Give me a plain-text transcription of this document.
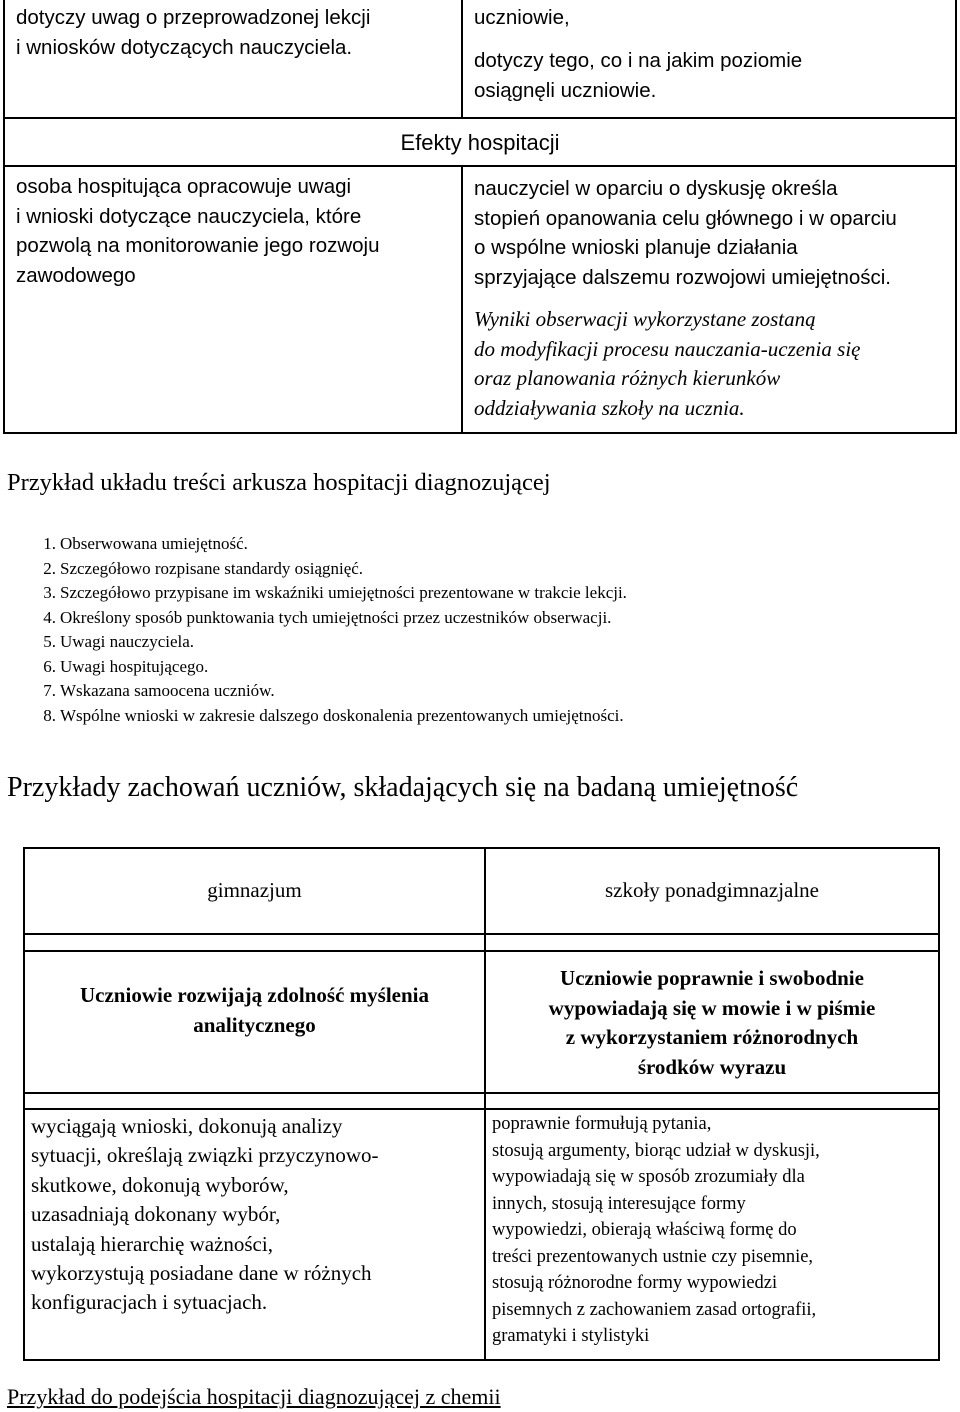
dotyczy uwag o przeprowadzonej lekcji
i wniosków dotyczących nauczyciela.
uczniowie,
dotyczy tego, co i na jakim poziomie
osiągnęli uczniowie.
Efekty hospitacji
osoba hospitująca opracowuje uwagi
i wnioski dotyczące nauczyciela, które
pozwolą na monitorowanie jego rozwoju
zawodowego
nauczyciel w oparciu o dyskusję określa
stopień opanowania celu głównego i w oparciu
o wspólne wnioski planuje działania
sprzyjające dalszemu rozwojowi umiejętności.
Wyniki obserwacji wykorzystane zostaną
do modyfikacji procesu nauczania-uczenia się
oraz planowania różnych kierunków
oddziaływania szkoły na ucznia.
Przykład układu treści arkusza hospitacji diagnozującej
1. Obserwowana umiejętność.
2. Szczegółowo rozpisane standardy osiągnięć.
3. Szczegółowo przypisane im wskaźniki umiejętności prezentowane w trakcie lekcji.
4. Określony sposób punktowania tych umiejętności przez uczestników obserwacji.
5. Uwagi nauczyciela.
6. Uwagi hospitującego.
7. Wskazana samoocena uczniów.
8. Wspólne wnioski w zakresie dalszego doskonalenia prezentowanych umiejętności.
Przykłady zachowań uczniów, składających się na badaną umiejętność
gimnazjum	szkoły ponadgimnazjalne
Uczniowie rozwijają zdolność myślenia
analitycznego
Uczniowie poprawnie i swobodnie
wypowiadają się w mowie i w piśmie
z wykorzystaniem różnorodnych
środków wyrazu
wyciągają wnioski, dokonują analizy
sytuacji, określają związki przyczynowo-
skutkowe, dokonują wyborów,
uzasadniają dokonany wybór,
ustalają hierarchię ważności,
wykorzystują posiadane dane w różnych
konfiguracjach i sytuacjach.
poprawnie formułują pytania,
stosują argumenty, biorąc udział w dyskusji,
wypowiadają się w sposób zrozumiały dla
innych, stosują interesujące formy
wypowiedzi, obierają właściwą formę do
treści prezentowanych ustnie czy pisemnie,
stosują różnorodne formy wypowiedzi
pisemnych z zachowaniem zasad ortografii,
gramatyki i stylistyki
Przykład do podejścia hospitacji diagnozującej z chemii
